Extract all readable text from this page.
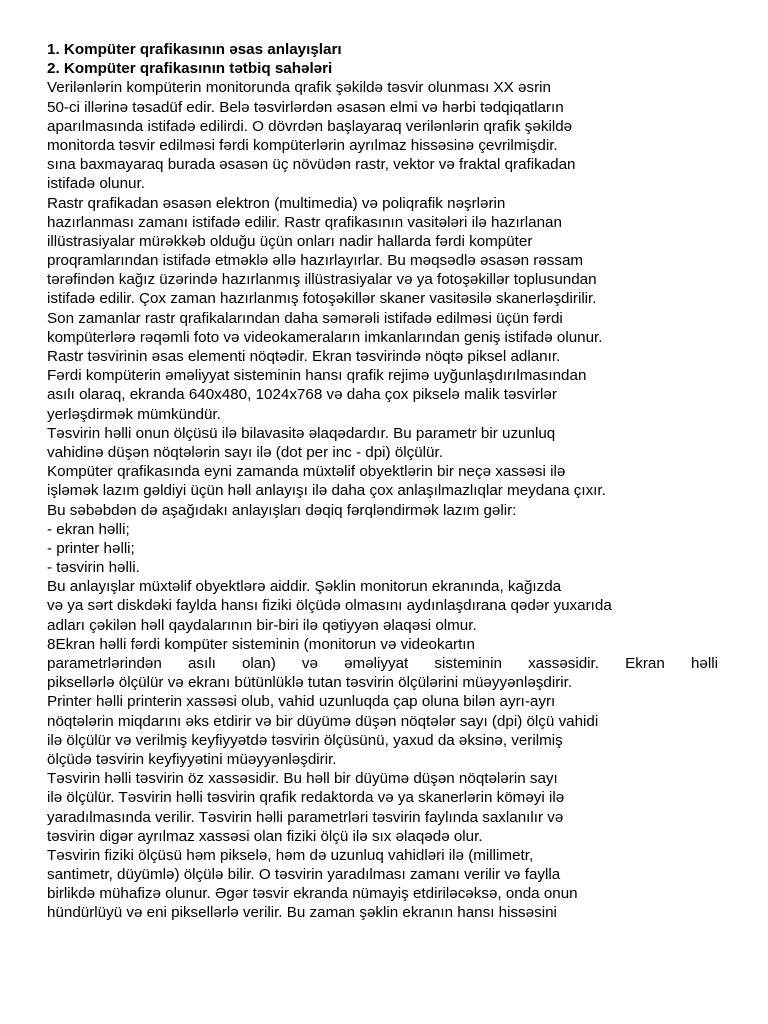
1. Kompüter qrafikasının əsas anlayışları
2. Kompüter qrafikasının tətbiq sahələri
Verilənlərin kompüterin monitorunda qrafik şəkildə təsvir olunması XX əsrin
50-ci illərinə təsadüf edir. Belə təsvirlərdən əsasən elmi və hərbi tədqiqatların
aparılmasında istifadə edilirdi. O dövrdən başlayaraq verilənlərin qrafik şəkildə
monitorda təsvir edilməsi fərdi kompüterlərin ayrılmaz hissəsinə çevrilmişdir.
sına baxmayaraq burada əsasən üç növüdən rastr, vektor və fraktal qrafikadan
istifadə olunur.
Rastr qrafikadan əsasən elektron (multimedia) və poliqrafik nəşrlərin
hazırlanması zamanı istifadə edilir. Rastr qrafikasının vasitələri ilə hazırlanan
illüstrasiyalar mürəkkəb olduğu üçün onları nadir hallarda fərdi kompüter
proqramlarından istifadə etməklə əllə hazırlayırlar. Bu məqsədlə əsasən rəssam
tərəfindən kağız üzərində hazırlanmış illüstrasiyalar və ya fotoşəkillər toplusundan
istifadə edilir. Çox zaman hazırlanmış fotoşəkillər skaner vasitəsilə skanerləşdirilir.
Son zamanlar rastr qrafikalarından daha səmərəli istifadə edilməsi üçün fərdi
kompüterlərə rəqəmli foto və videokameraların imkanlarından geniş istifadə olunur.
Rastr təsvirinin əsas elementi nöqtədir. Ekran təsvirində nöqtə piksel adlanır.
Fərdi kompüterin əməliyyat sisteminin hansı qrafik rejimə uyğunlaşdırılmasından
asılı olaraq, ekranda 640x480, 1024x768 və daha çox pikselə malik təsvirlər
yerləşdirmək mümkündür.
Təsvirin həlli onun ölçüsü ilə bilavasitə əlaqədardır. Bu parametr bir uzunluq
vahidinə düşən nöqtələrin sayı ilə (dot per inc - dpi) ölçülür.
Kompüter qrafikasında eyni zamanda müxtəlif obyektlərin bir neçə xassəsi ilə
işləmək lazım gəldiyi üçün həll anlayışı ilə daha çox anlaşılmazlıqlar meydana çıxır.
Bu səbəbdən də aşağıdakı anlayışları dəqiq fərqləndirmək lazım gəlir:
- ekran həlli;
- printer həlli;
- təsvirin həlli.
Bu anlayışlar müxtəlif obyektlərə aiddir. Şəklin monitorun ekranında, kağızda
və ya sərt diskdəki faylda hansı fiziki ölçüdə olmasını aydınlaşdırana qədər yuxarıda
adları çəkilən həll qaydalarının bir-biri ilə qətiyyən əlaqəsi olmur.
8Ekran həlli fərdi kompüter sisteminin (monitorun və videokartın
parametrlərindən asılı olan) və əməliyyat sisteminin xassəsidir. Ekran həlli
piksellərlə ölçülür və ekranı bütünlüklə tutan təsvirin ölçülərini müəyyənləşdirir.
Printer həlli printerin xassəsi olub, vahid uzunluqda çap oluna bilən ayrı-ayrı
nöqtələrin miqdarını əks etdirir və bir düyümə düşən nöqtələr sayı (dpi) ölçü vahidi
ilə ölçülür və verilmiş keyfiyyətdə təsvirin ölçüsünü, yaxud da əksinə, verilmiş
ölçüdə təsvirin keyfiyyətini müəyyənləşdirir.
Təsvirin həlli təsvirin öz xassəsidir. Bu həll bir düyümə düşən nöqtələrin sayı
ilə ölçülür. Təsvirin həlli təsvirin qrafik redaktorda və ya skanerlərin köməyi ilə
yaradılmasında verilir. Təsvirin həlli parametrləri təsvirin faylında saxlanılır və
təsvirin digər ayrılmaz xassəsi olan fiziki ölçü ilə sıx əlaqədə olur.
Təsvirin fiziki ölçüsü həm pikselə, həm də uzunluq vahidləri ilə (millimetr,
santimetr, düyümlə) ölçülə bilir. O təsvirin yaradılması zamanı verilir və faylla
birlikdə mühafizə olunur. Əgər təsvir ekranda nümayiş etdiriləcəksə, onda onun
hündürlüyü və eni piksellərlə verilir. Bu zaman şəklin ekranın hansı hissəsini
